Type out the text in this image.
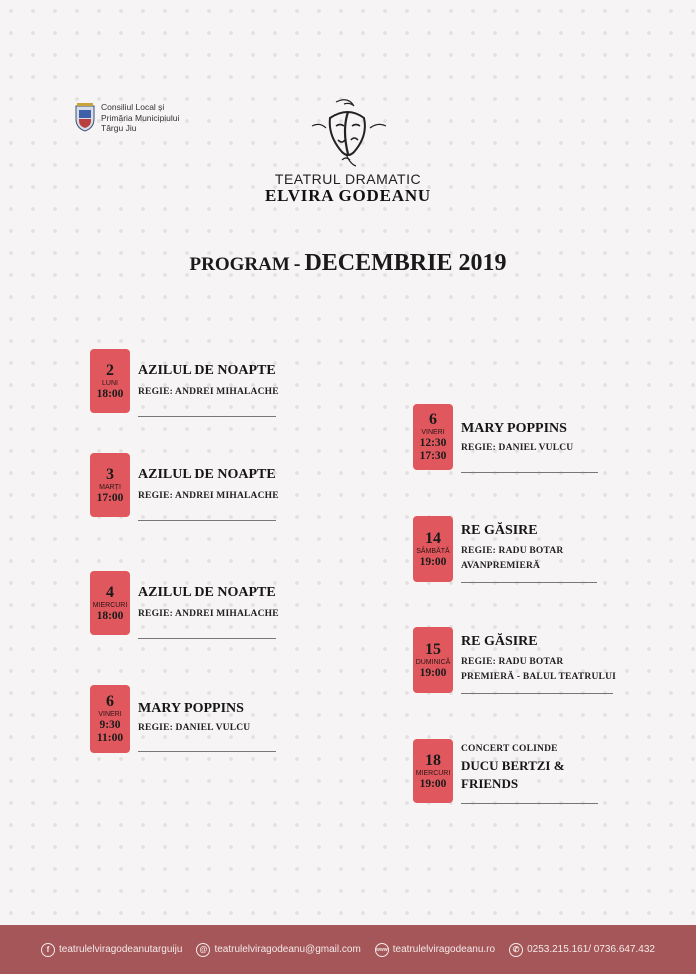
Consiliul Local și
Primăria Municipiului
Târgu Jiu
TEATRUL DRAMATIC
ELVIRA GODEANU
PROGRAM - DECEMBRIE 2019
2
LUNI
18:00
AZILUL DE NOAPTE
REGIE: ANDREI MIHALACHE
3
MARȚI
17:00
AZILUL DE NOAPTE
REGIE: ANDREI MIHALACHE
4
MIERCURI
18:00
AZILUL DE NOAPTE
REGIE: ANDREI MIHALACHE
6
VINERI
9:30
11:00
MARY POPPINS
REGIE: DANIEL VULCU
6
VINERI
12:30
17:30
MARY POPPINS
REGIE: DANIEL VULCU
14
SÂMBĂTĂ
19:00
RE GĂSIRE
REGIE: RADU BOTAR
AVANPREMIERĂ
15
DUMINICĂ
19:00
RE GĂSIRE
REGIE: RADU BOTAR
PREMIERĂ - BALUL TEATRULUI
18
MIERCURI
19:00
CONCERT COLINDE
DUCU BERTZI &
FRIENDS
f teatrulelviragodeanutarguiju	@ teatrulelviragodeanu@gmail.com	www teatrulelviragodeanu.ro	✆ 0253.215.161/ 0736.647.432
